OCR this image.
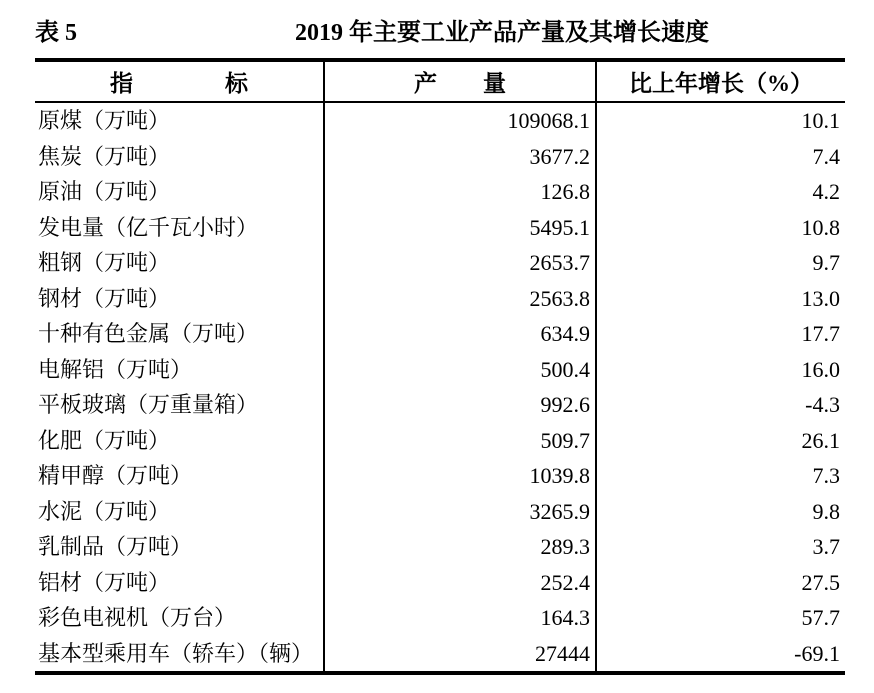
表 5	2019 年主要工业产品产量及其增长速度
指　　　　标	产　　量	比上年增长（%）
原煤（万吨）	109068.1	10.1
焦炭（万吨）	3677.2	7.4
原油（万吨）	126.8	4.2
发电量（亿千瓦小时）	5495.1	10.8
粗钢（万吨）	2653.7	9.7
钢材（万吨）	2563.8	13.0
十种有色金属（万吨）	634.9	17.7
电解铝（万吨）	500.4	16.0
平板玻璃（万重量箱）	992.6	-4.3
化肥（万吨）	509.7	26.1
精甲醇（万吨）	1039.8	7.3
水泥（万吨）	3265.9	9.8
乳制品（万吨）	289.3	3.7
铝材（万吨）	252.4	27.5
彩色电视机（万台）	164.3	57.7
基本型乘用车（轿车）（辆）	27444	-69.1
